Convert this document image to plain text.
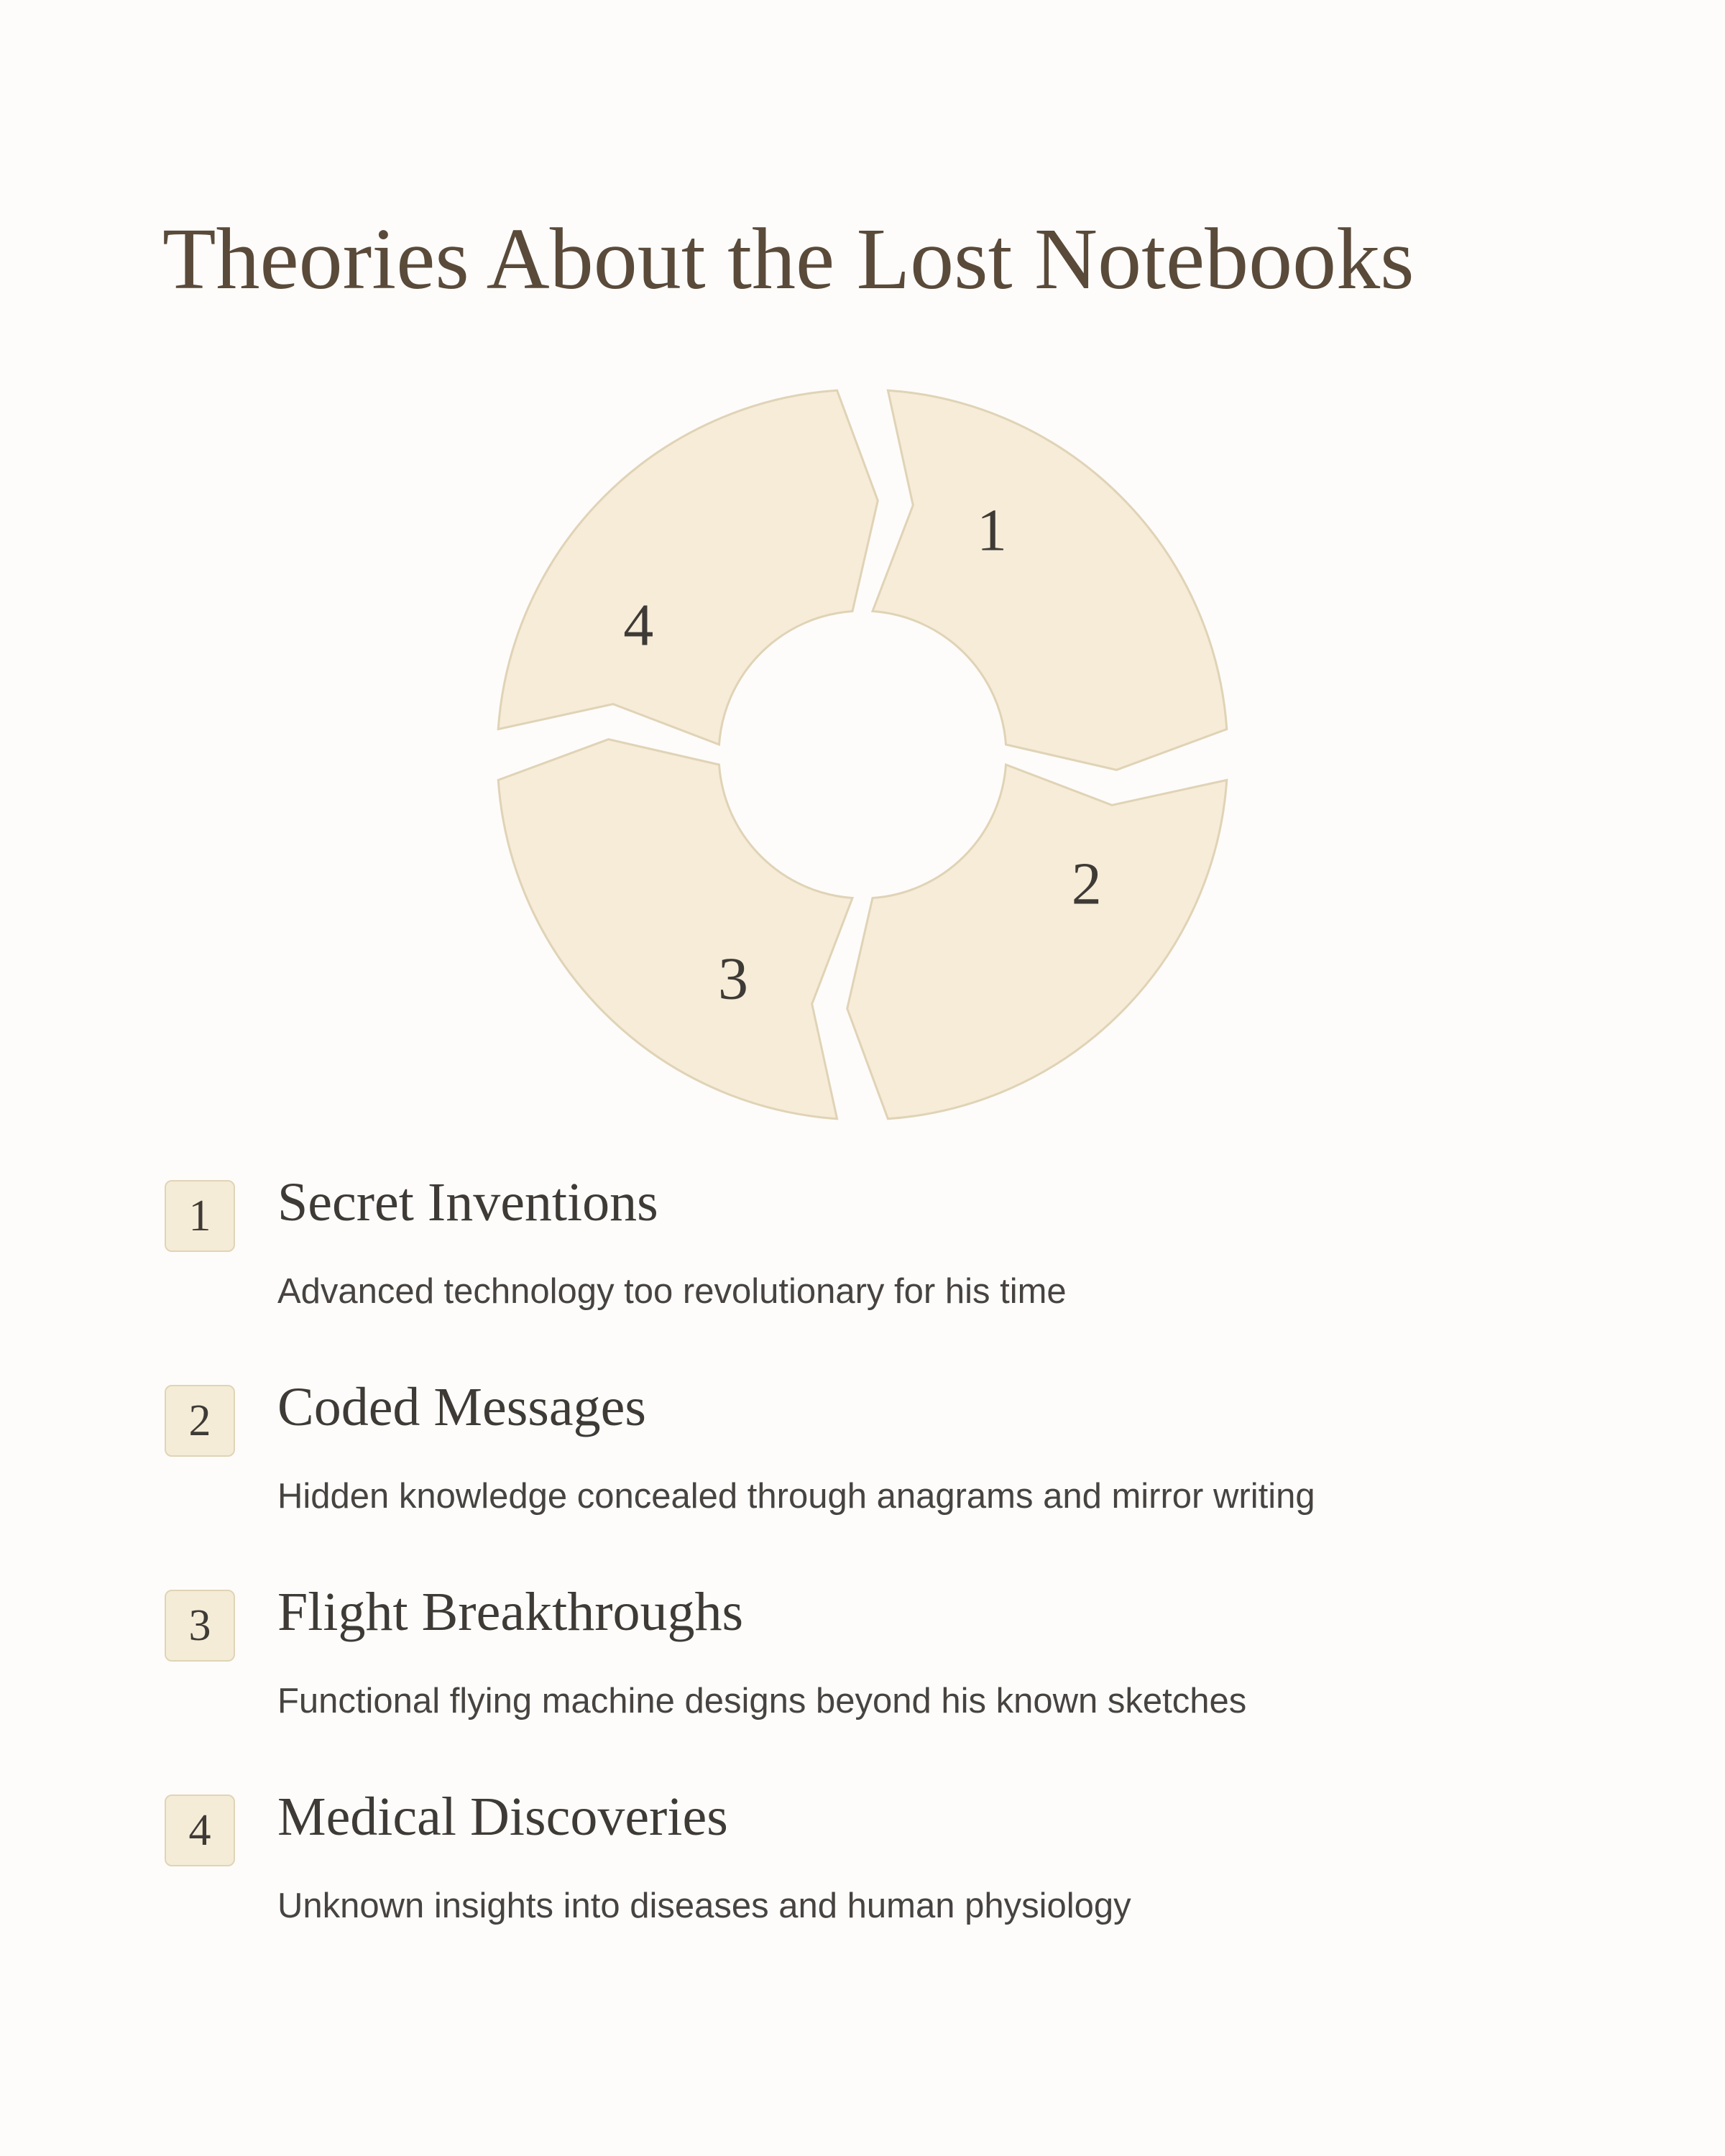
Theories About the Lost Notebooks
1
2
3
4
1	Secret Inventions

Advanced technology too revolutionary for his time

2	Coded Messages

Hidden knowledge concealed through anagrams and mirror writing

3	Flight Breakthroughs

Functional flying machine designs beyond his known sketches

4	Medical Discoveries

Unknown insights into diseases and human physiology
